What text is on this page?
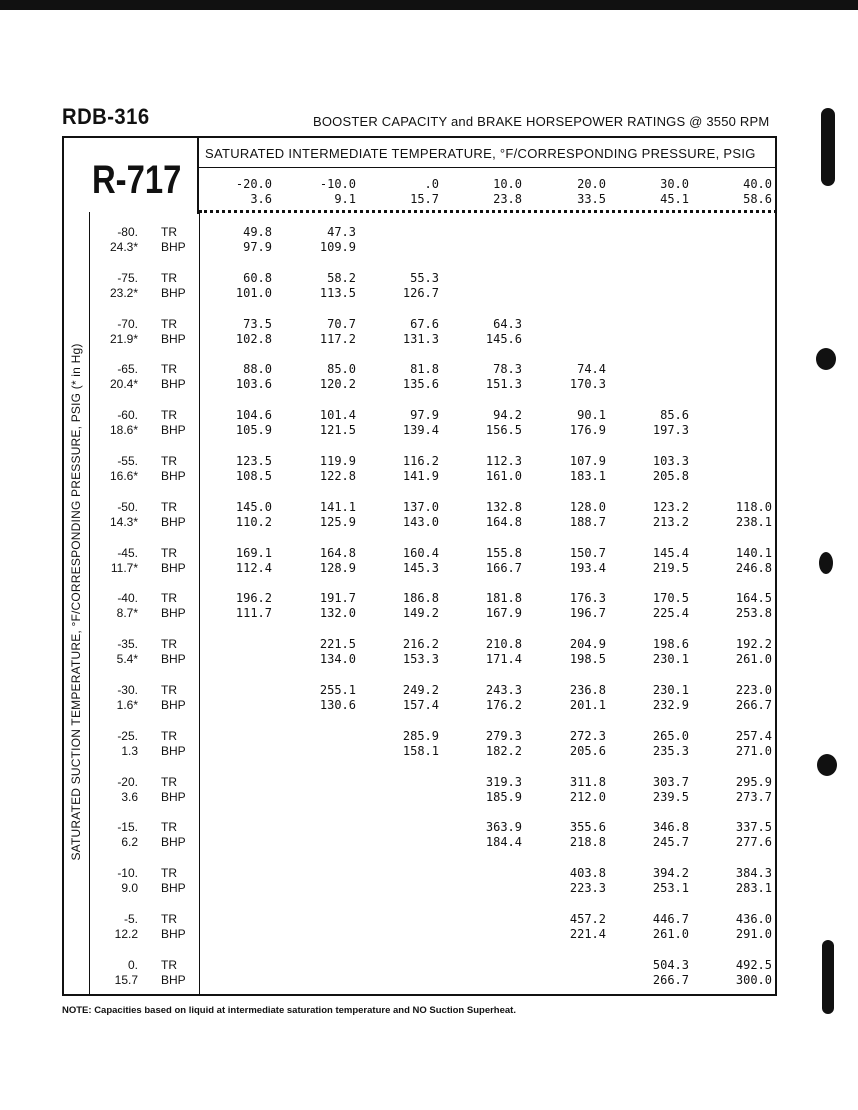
RDB-316	BOOSTER CAPACITY and BRAKE HORSEPOWER RATINGS @ 3550 RPM
R-717
SATURATED INTERMEDIATE TEMPERATURE, °F/CORRESPONDING PRESSURE, PSIG
SATURATED SUCTION TEMPERATURE, °F/CORRESPONDING PRESSURE, PSIG (* in Hg)
-20.0
3.6
-10.0
9.1
.0
15.7
10.0
23.8
20.0
33.5
30.0
45.1
40.0
58.6
-80.
24.3*
TR
BHP
49.8
97.9
47.3
109.9
-75.
23.2*
TR
BHP
60.8
101.0
58.2
113.5
55.3
126.7
-70.
21.9*
TR
BHP
73.5
102.8
70.7
117.2
67.6
131.3
64.3
145.6
-65.
20.4*
TR
BHP
88.0
103.6
85.0
120.2
81.8
135.6
78.3
151.3
74.4
170.3
-60.
18.6*
TR
BHP
104.6
105.9
101.4
121.5
97.9
139.4
94.2
156.5
90.1
176.9
85.6
197.3
-55.
16.6*
TR
BHP
123.5
108.5
119.9
122.8
116.2
141.9
112.3
161.0
107.9
183.1
103.3
205.8
-50.
14.3*
TR
BHP
145.0
110.2
141.1
125.9
137.0
143.0
132.8
164.8
128.0
188.7
123.2
213.2
118.0
238.1
-45.
11.7*
TR
BHP
169.1
112.4
164.8
128.9
160.4
145.3
155.8
166.7
150.7
193.4
145.4
219.5
140.1
246.8
-40.
8.7*
TR
BHP
196.2
111.7
191.7
132.0
186.8
149.2
181.8
167.9
176.3
196.7
170.5
225.4
164.5
253.8
-35.
5.4*
TR
BHP
221.5
134.0
216.2
153.3
210.8
171.4
204.9
198.5
198.6
230.1
192.2
261.0
-30.
1.6*
TR
BHP
255.1
130.6
249.2
157.4
243.3
176.2
236.8
201.1
230.1
232.9
223.0
266.7
-25.
1.3
TR
BHP
285.9
158.1
279.3
182.2
272.3
205.6
265.0
235.3
257.4
271.0
-20.
3.6
TR
BHP
319.3
185.9
311.8
212.0
303.7
239.5
295.9
273.7
-15.
6.2
TR
BHP
363.9
184.4
355.6
218.8
346.8
245.7
337.5
277.6
-10.
9.0
TR
BHP
403.8
223.3
394.2
253.1
384.3
283.1
-5.
12.2
TR
BHP
457.2
221.4
446.7
261.0
436.0
291.0
0.
15.7
TR
BHP
504.3
266.7
492.5
300.0
NOTE: Capacities based on liquid at intermediate saturation temperature and NO Suction Superheat.
